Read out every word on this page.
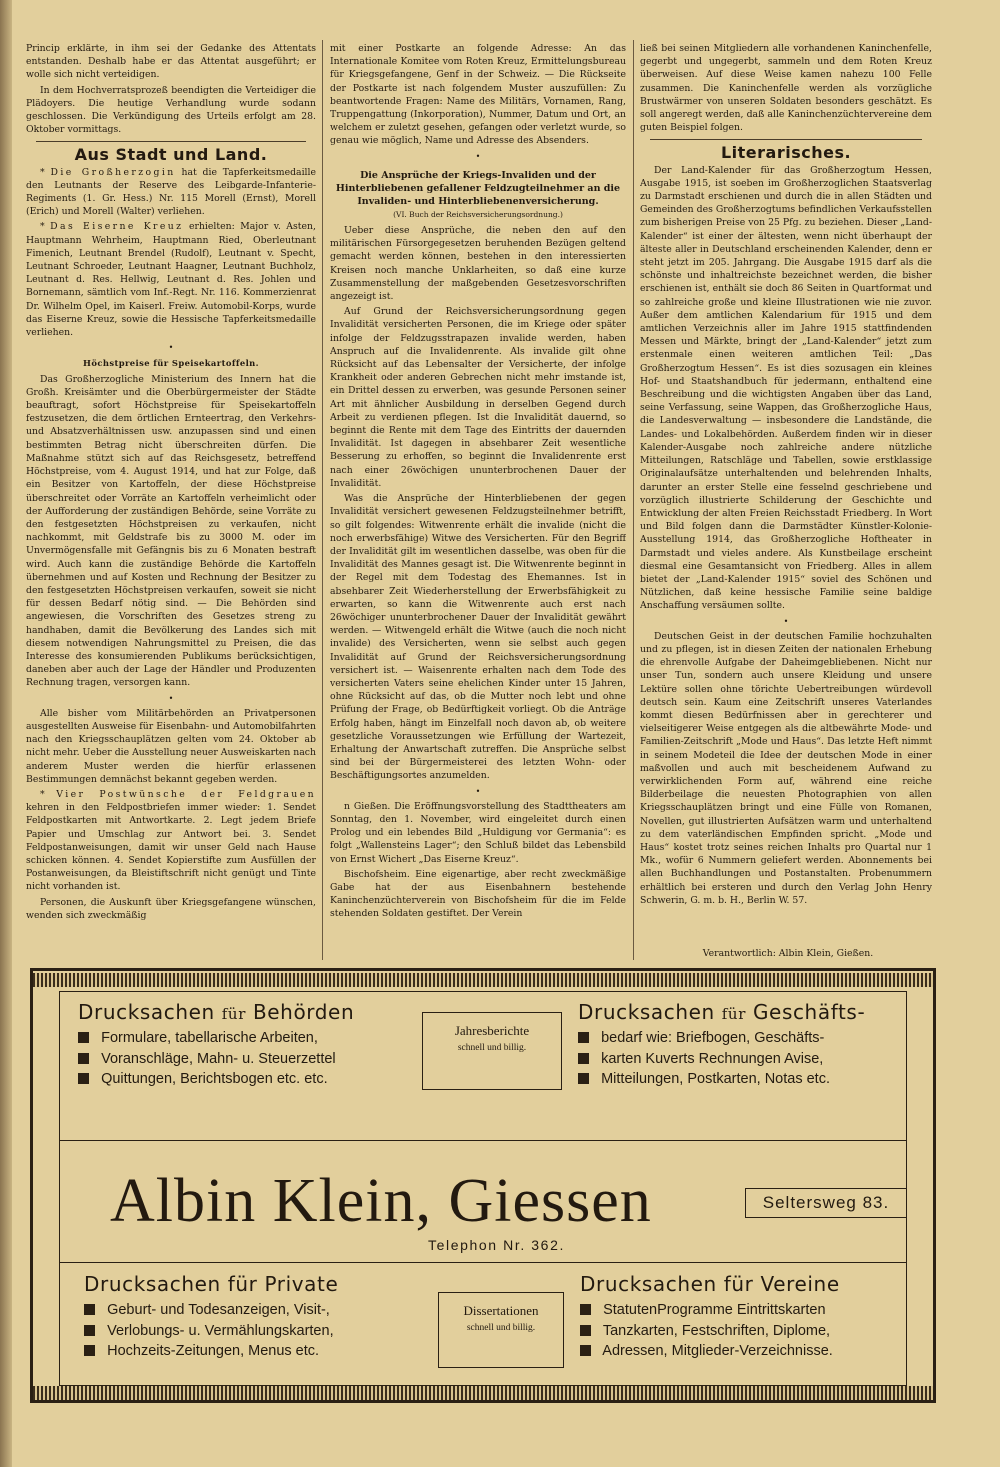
Princip erklärte, in ihm sei der Gedanke des Attentats entstanden. Deshalb habe er das Attentat ausgeführt; er wolle sich nicht verteidigen.

In dem Hochverratsprozeß beendigten die Verteidiger die Plädoyers. Die heutige Verhandlung wurde sodann geschlossen. Die Verkündigung des Urteils erfolgt am 28. Oktober vormittags.

Aus Stadt und Land.

* Die Großherzogin hat die Tapferkeitsmedaille den Leutnants der Reserve des Leibgarde-Infanterie-Regiments (1. Gr. Hess.) Nr. 115 Morell (Ernst), Morell (Erich) und Morell (Walter) verliehen.

* Das Eiserne Kreuz erhielten: Major v. Asten, Hauptmann Wehrheim, Hauptmann Ried, Oberleutnant Fimenich, Leutnant Brendel (Rudolf), Leutnant v. Specht, Leutnant Schroeder, Leutnant Haagner, Leutnant Buchholz, Leutnant d. Res. Hellwig, Leutnant d. Res. Johlen und Bornemann, sämtlich vom Inf.-Regt. Nr. 116. Kommerzienrat Dr. Wilhelm Opel, im Kaiserl. Freiw. Automobil-Korps, wurde das Eiserne Kreuz, sowie die Hessische Tapferkeitsmedaille verliehen.

•
Höchstpreise für Speisekartoffeln.

Das Großherzogliche Ministerium des Innern hat die Großh. Kreisämter und die Oberbürgermeister der Städte beauftragt, sofort Höchstpreise für Speisekartoffeln festzusetzen, die dem örtlichen Ernteertrag, den Verkehrs- und Absatzverhältnissen usw. anzupassen sind und einen bestimmten Betrag nicht überschreiten dürfen. Die Maßnahme stützt sich auf das Reichsgesetz, betreffend Höchstpreise, vom 4. August 1914, und hat zur Folge, daß ein Besitzer von Kartoffeln, der diese Höchstpreise überschreitet oder Vorräte an Kartoffeln verheimlicht oder der Aufforderung der zuständigen Behörde, seine Vorräte zu den festgesetzten Höchstpreisen zu verkaufen, nicht nachkommt, mit Geldstrafe bis zu 3000 M. oder im Unvermögensfalle mit Gefängnis bis zu 6 Monaten bestraft wird. Auch kann die zuständige Behörde die Kartoffeln übernehmen und auf Kosten und Rechnung der Besitzer zu den festgesetzten Höchstpreisen verkaufen, soweit sie nicht für dessen Bedarf nötig sind. — Die Behörden sind angewiesen, die Vorschriften des Gesetzes streng zu handhaben, damit die Bevölkerung des Landes sich mit diesem notwendigen Nahrungsmittel zu Preisen, die das Interesse des konsumierenden Publikums berücksichtigen, daneben aber auch der Lage der Händler und Produzenten Rechnung tragen, versorgen kann.

•

Alle bisher vom Militärbehörden an Privatpersonen ausgestellten Ausweise für Eisenbahn- und Automobilfahrten nach den Kriegsschauplätzen gelten vom 24. Oktober ab nicht mehr. Ueber die Ausstellung neuer Ausweiskarten nach anderem Muster werden die hierfür erlassenen Bestimmungen demnächst bekannt gegeben werden.

* Vier Postwünsche der Feldgrauen kehren in den Feldpostbriefen immer wieder: 1. Sendet Feldpostkarten mit Antwortkarte. 2. Legt jedem Briefe Papier und Umschlag zur Antwort bei. 3. Sendet Feldpostanweisungen, damit wir unser Geld nach Hause schicken können. 4. Sendet Kopierstifte zum Ausfüllen der Postanweisungen, da Bleistiftschrift nicht genügt und Tinte nicht vorhanden ist.

Personen, die Auskunft über Kriegsgefangene wünschen, wenden sich zweckmäßig

mit einer Postkarte an folgende Adresse: An das Internationale Komitee vom Roten Kreuz, Ermittelungsbureau für Kriegsgefangene, Genf in der Schweiz. — Die Rückseite der Postkarte ist nach folgendem Muster auszufüllen: Zu beantwortende Fragen: Name des Militärs, Vornamen, Rang, Truppengattung (Inkorporation), Nummer, Datum und Ort, an welchem er zuletzt gesehen, gefangen oder verletzt wurde, so genau wie möglich, Name und Adresse des Absenders.

•
Die Ansprüche der Kriegs-Invaliden und der Hinterbliebenen gefallener Feldzugteilnehmer an die Invaliden- und Hinterbliebenenversicherung.
(VI. Buch der Reichsversicherungsordnung.)

Ueber diese Ansprüche, die neben den auf den militärischen Fürsorgegesetzen beruhenden Bezügen geltend gemacht werden können, bestehen in den interessierten Kreisen noch manche Unklarheiten, so daß eine kurze Zusammenstellung der maßgebenden Gesetzesvorschriften angezeigt ist.

Auf Grund der Reichsversicherungsordnung gegen Invalidität versicherten Personen, die im Kriege oder später infolge der Feldzugsstrapazen invalide werden, haben Anspruch auf die Invalidenrente. Als invalide gilt ohne Rücksicht auf das Lebensalter der Versicherte, der infolge Krankheit oder anderen Gebrechen nicht mehr imstande ist, ein Drittel dessen zu erwerben, was gesunde Personen seiner Art mit ähnlicher Ausbildung in derselben Gegend durch Arbeit zu verdienen pflegen. Ist die Invalidität dauernd, so beginnt die Rente mit dem Tage des Eintritts der dauernden Invalidität. Ist dagegen in absehbarer Zeit wesentliche Besserung zu erhoffen, so beginnt die Invalidenrente erst nach einer 26wöchigen ununterbrochenen Dauer der Invalidität.

Was die Ansprüche der Hinterbliebenen der gegen Invalidität versichert gewesenen Feldzugsteilnehmer betrifft, so gilt folgendes: Witwenrente erhält die invalide (nicht die noch erwerbsfähige) Witwe des Versicherten. Für den Begriff der Invalidität gilt im wesentlichen dasselbe, was oben für die Invalidität des Mannes gesagt ist. Die Witwenrente beginnt in der Regel mit dem Todestag des Ehemannes. Ist in absehbarer Zeit Wiederherstellung der Erwerbsfähigkeit zu erwarten, so kann die Witwenrente auch erst nach 26wöchiger ununterbrochener Dauer der Invalidität gewährt werden. — Witwengeld erhält die Witwe (auch die noch nicht invalide) des Versicherten, wenn sie selbst auch gegen Invalidität auf Grund der Reichsversicherungsordnung versichert ist. — Waisenrente erhalten nach dem Tode des versicherten Vaters seine ehelichen Kinder unter 15 Jahren, ohne Rücksicht auf das, ob die Mutter noch lebt und ohne Prüfung der Frage, ob Bedürftigkeit vorliegt. Ob die Anträge Erfolg haben, hängt im Einzelfall noch davon ab, ob weitere gesetzliche Voraussetzungen wie Erfüllung der Wartezeit, Erhaltung der Anwartschaft zutreffen. Die Ansprüche selbst sind bei der Bürgermeisterei des letzten Wohn- oder Beschäftigungsortes anzumelden.

•

n Gießen. Die Eröffnungsvorstellung des Stadttheaters am Sonntag, den 1. November, wird eingeleitet durch einen Prolog und ein lebendes Bild „Huldigung vor Germania“: es folgt „Wallensteins Lager“; den Schluß bildet das Lebensbild von Ernst Wichert „Das Eiserne Kreuz“.

Bischofsheim. Eine eigenartige, aber recht zweckmäßige Gabe hat der aus Eisenbahnern bestehende Kaninchenzüchterverein von Bischofsheim für die im Felde stehenden Soldaten gestiftet. Der Verein

ließ bei seinen Mitgliedern alle vorhandenen Kaninchenfelle, gegerbt und ungegerbt, sammeln und dem Roten Kreuz überweisen. Auf diese Weise kamen nahezu 100 Felle zusammen. Die Kaninchenfelle werden als vorzügliche Brustwärmer von unseren Soldaten besonders geschätzt. Es soll angeregt werden, daß alle Kaninchenzüchtervereine dem guten Beispiel folgen.

Literarisches.

Der Land-Kalender für das Großherzogtum Hessen, Ausgabe 1915, ist soeben im Großherzoglichen Staatsverlag zu Darmstadt erschienen und durch die in allen Städten und Gemeinden des Großherzogtums befindlichen Verkaufsstellen zum bisherigen Preise von 25 Pfg. zu beziehen. Dieser „Land-Kalender“ ist einer der ältesten, wenn nicht überhaupt der älteste aller in Deutschland erscheinenden Kalender, denn er steht jetzt im 205. Jahrgang. Die Ausgabe 1915 darf als die schönste und inhaltreichste bezeichnet werden, die bisher erschienen ist, enthält sie doch 86 Seiten in Quartformat und so zahlreiche große und kleine Illustrationen wie nie zuvor. Außer dem amtlichen Kalendarium für 1915 und dem amtlichen Verzeichnis aller im Jahre 1915 stattfindenden Messen und Märkte, bringt der „Land-Kalender“ jetzt zum erstenmale einen weiteren amtlichen Teil: „Das Großherzogtum Hessen“. Es ist dies sozusagen ein kleines Hof- und Staatshandbuch für jedermann, enthaltend eine Beschreibung und die wichtigsten Angaben über das Land, seine Verfassung, seine Wappen, das Großherzogliche Haus, die Landesverwaltung — insbesondere die Landstände, die Landes- und Lokalbehörden. Außerdem finden wir in dieser Kalender-Ausgabe noch zahlreiche andere nützliche Mitteilungen, Ratschläge und Tabellen, sowie erstklassige Originalaufsätze unterhaltenden und belehrenden Inhalts, darunter an erster Stelle eine fesselnd geschriebene und vorzüglich illustrierte Schilderung der Geschichte und Entwicklung der alten Freien Reichsstadt Friedberg. In Wort und Bild folgen dann die Darmstädter Künstler-Kolonie-Ausstellung 1914, das Großherzogliche Hoftheater in Darmstadt und vieles andere. Als Kunstbeilage erscheint diesmal eine Gesamtansicht von Friedberg. Alles in allem bietet der „Land-Kalender 1915“ soviel des Schönen und Nützlichen, daß keine hessische Familie seine baldige Anschaffung versäumen sollte.

•

Deutschen Geist in der deutschen Familie hochzuhalten und zu pflegen, ist in diesen Zeiten der nationalen Erhebung die ehrenvolle Aufgabe der Daheimgebliebenen. Nicht nur unser Tun, sondern auch unsere Kleidung und unsere Lektüre sollen ohne törichte Uebertreibungen würdevoll deutsch sein. Kaum eine Zeitschrift unseres Vaterlandes kommt diesen Bedürfnissen aber in gerechterer und vielseitigerer Weise entgegen als die altbewährte Mode- und Familien-Zeitschrift „Mode und Haus“. Das letzte Heft nimmt in seinem Modeteil die Idee der deutschen Mode in einer maßvollen und auch mit bescheidenem Aufwand zu verwirklichenden Form auf, während eine reiche Bilderbeilage die neuesten Photographien von allen Kriegsschauplätzen bringt und eine Fülle von Romanen, Novellen, gut illustrierten Aufsätzen warm und unterhaltend zu dem vaterländischen Empfinden spricht. „Mode und Haus“ kostet trotz seines reichen Inhalts pro Quartal nur 1 Mk., wofür 6 Nummern geliefert werden. Abonnements bei allen Buchhandlungen und Postanstalten. Probenummern erhältlich bei ersteren und durch den Verlag John Henry Schwerin, G. m. b. H., Berlin W. 57.

Verantwortlich: Albin Klein, Gießen.
Drucksachen für Behörden
Formulare, tabellarische Arbeiten,
Voranschläge, Mahn- u. Steuerzettel
Quittungen, Berichtsbogen etc. etc.
Jahresberichte
schnell und billig.
Drucksachen für Geschäfts-
bedarf wie: Briefbogen, Geschäfts-
karten Kuverts Rechnungen Avise,
Mitteilungen, Postkarten, Notas etc.
Albin Klein, Giessen	Seltersweg 83.
Telephon Nr. 362.
Drucksachen für Private
Geburt- und Todesanzeigen, Visit-,
Verlobungs- u. Vermählungskarten,
Hochzeits-Zeitungen, Menus etc.
Dissertationen
schnell und billig.
Drucksachen für Vereine
StatutenProgramme Eintrittskarten
Tanzkarten, Festschriften, Diplome,
Adressen, Mitglieder-Verzeichnisse.
